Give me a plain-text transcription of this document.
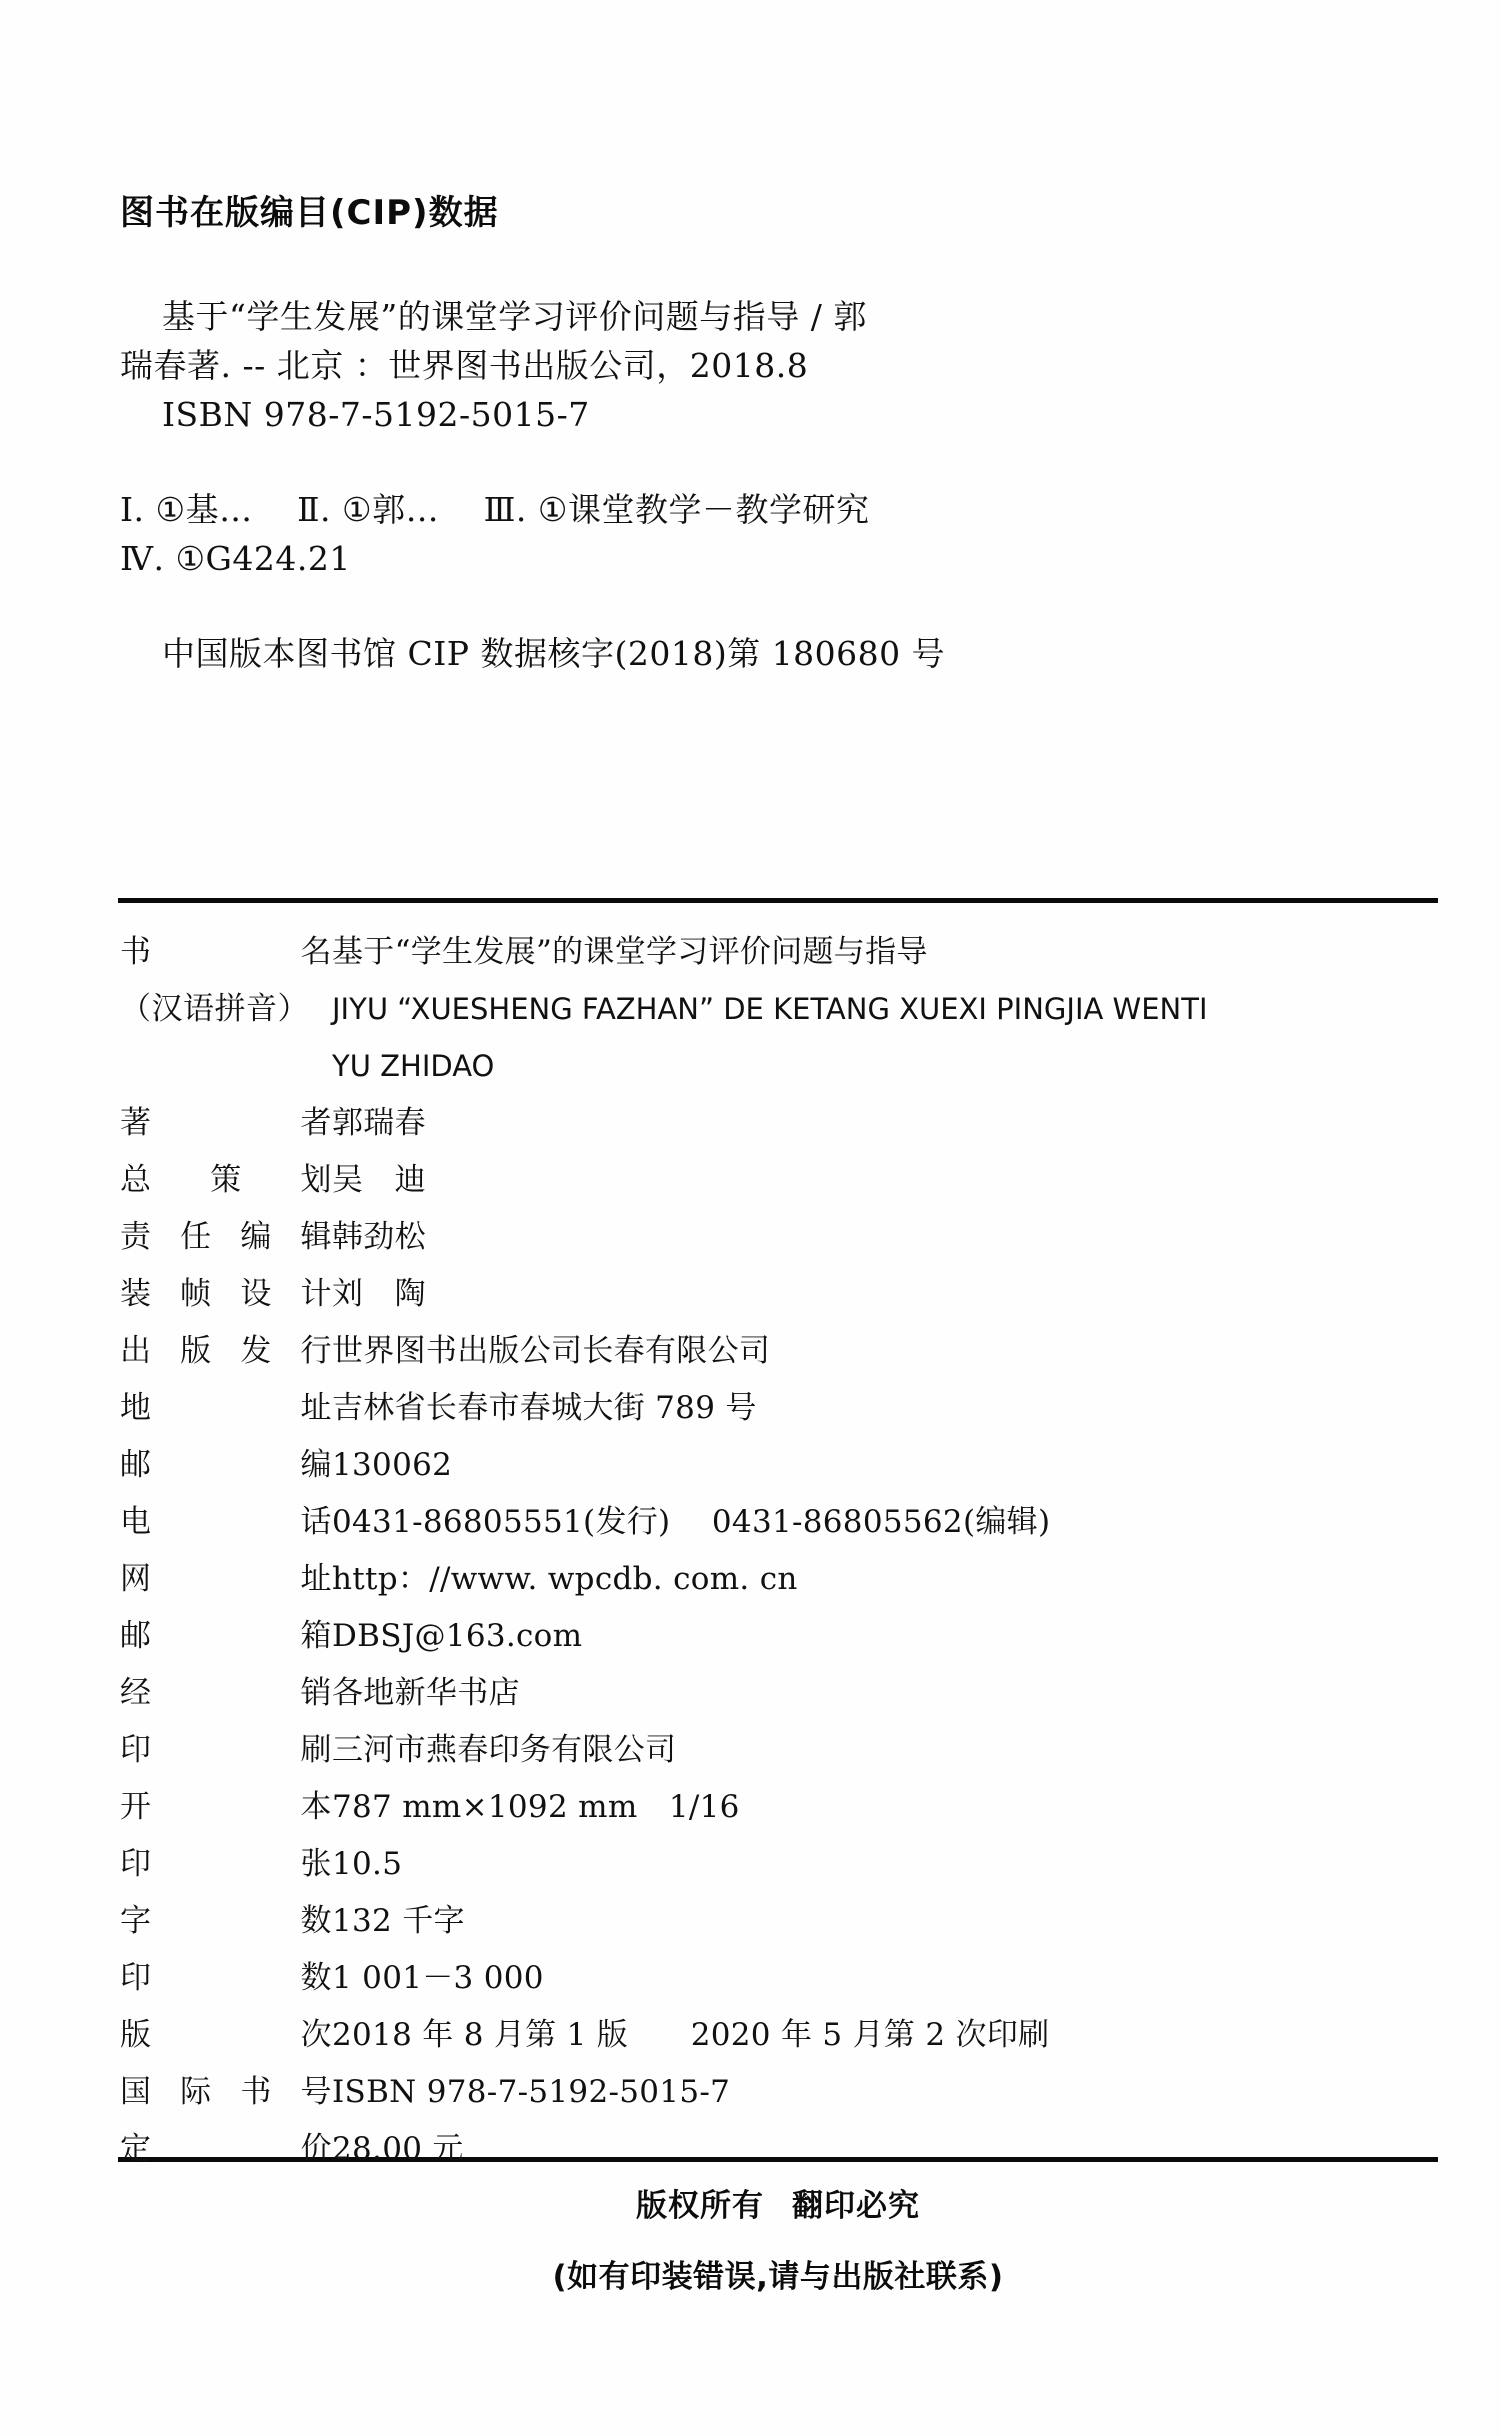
图书在版编目(CIP)数据
基于“学生发展”的课堂学习评价问题与指导 / 郭
瑞春著. -- 北京 ：世界图书出版公司，2018.8
ISBN 978-7-5192-5015-7
Ⅰ. ①基… 　Ⅱ. ①郭… 　Ⅲ. ①课堂教学－教学研究
Ⅳ. ①G424.21
中国版本图书馆 CIP 数据核字(2018)第 180680 号
书	名 基于“学生发展”的课堂学习评价问题与指导
（汉语拼音） JIYU “XUESHENG FAZHAN” DE KETANG XUEXI PINGJIA WENTI
YU ZHIDAO
著	者 郭瑞春
总 策 划 吴　迪
责 任 编 辑 韩劲松
装 帧 设 计 刘　陶
出 版 发 行 世界图书出版公司长春有限公司
地	址 吉林省长春市春城大街 789 号
邮	编 130062
电	话 0431-86805551(发行)　 0431-86805562(编辑)
网	址 http：//www. wpcdb. com. cn
邮	箱 DBSJ@163.com
经	销 各地新华书店
印	刷 三河市燕春印务有限公司
开	本 787 mm×1092 mm　1/16
印	张 10.5
字	数 132 千字
印	数 1 001－3 000
版	次 2018 年 8 月第 1 版　　2020 年 5 月第 2 次印刷
国 际 书 号 ISBN 978-7-5192-5015-7
定	价 28.00 元
版权所有 翻印必究
(如有印装错误,请与出版社联系)
